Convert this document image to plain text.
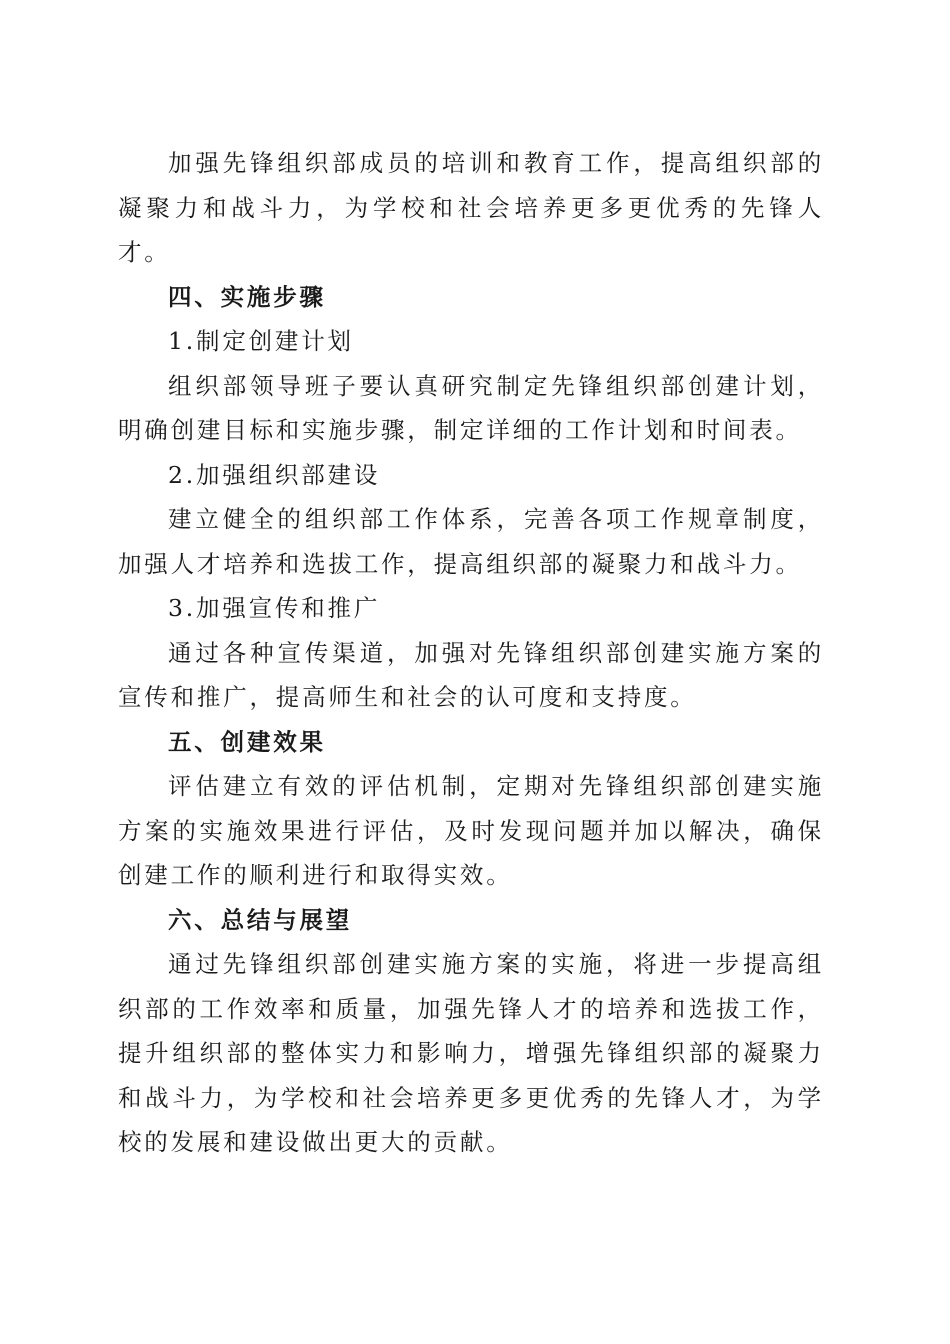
加强先锋组织部成员的培训和教育工作，提高组织部的凝聚力和战斗力，为学校和社会培养更多更优秀的先锋人才。

四、实施步骤

1.制定创建计划

组织部领导班子要认真研究制定先锋组织部创建计划，明确创建目标和实施步骤，制定详细的工作计划和时间表。

2.加强组织部建设

建立健全的组织部工作体系，完善各项工作规章制度，加强人才培养和选拔工作，提高组织部的凝聚力和战斗力。

3.加强宣传和推广

通过各种宣传渠道，加强对先锋组织部创建实施方案的宣传和推广，提高师生和社会的认可度和支持度。

五、创建效果

评估建立有效的评估机制，定期对先锋组织部创建实施方案的实施效果进行评估，及时发现问题并加以解决，确保创建工作的顺利进行和取得实效。

六、总结与展望

通过先锋组织部创建实施方案的实施，将进一步提高组织部的工作效率和质量，加强先锋人才的培养和选拔工作，提升组织部的整体实力和影响力，增强先锋组织部的凝聚力和战斗力，为学校和社会培养更多更优秀的先锋人才，为学校的发展和建设做出更大的贡献。
